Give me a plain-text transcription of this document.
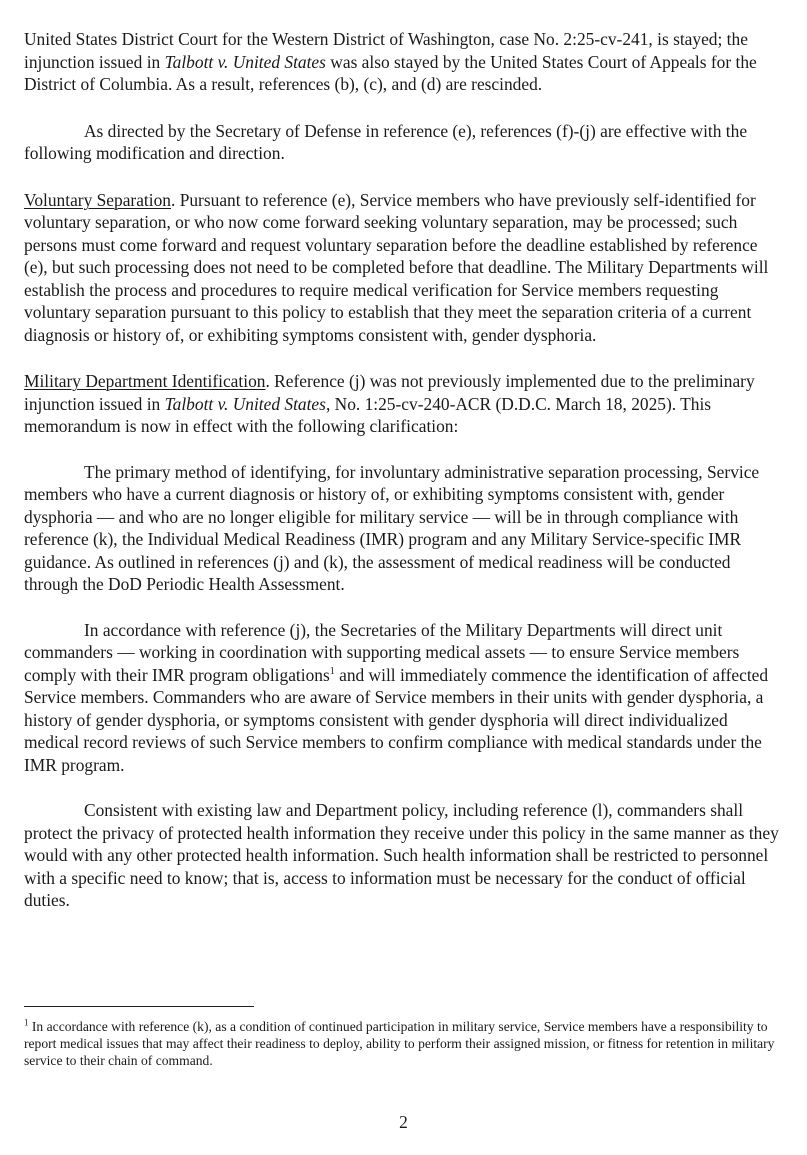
United States District Court for the Western District of Washington, case No. 2:25-cv-241, is stayed; the injunction issued in Talbott v. United States was also stayed by the United States Court of Appeals for the District of Columbia. As a result, references (b), (c), and (d) are rescinded.

As directed by the Secretary of Defense in reference (e), references (f)-(j) are effective with the following modification and direction.

Voluntary Separation. Pursuant to reference (e), Service members who have previously self-identified for voluntary separation, or who now come forward seeking voluntary separation, may be processed; such persons must come forward and request voluntary separation before the deadline established by reference (e), but such processing does not need to be completed before that deadline. The Military Departments will establish the process and procedures to require medical verification for Service members requesting voluntary separation pursuant to this policy to establish that they meet the separation criteria of a current diagnosis or history of, or exhibiting symptoms consistent with, gender dysphoria.

Military Department Identification. Reference (j) was not previously implemented due to the preliminary injunction issued in Talbott v. United States, No. 1:25-cv-240-ACR (D.D.C. March 18, 2025). This memorandum is now in effect with the following clarification:

The primary method of identifying, for involuntary administrative separation processing, Service members who have a current diagnosis or history of, or exhibiting symptoms consistent with, gender dysphoria — and who are no longer eligible for military service — will be in through compliance with reference (k), the Individual Medical Readiness (IMR) program and any Military Service-specific IMR guidance. As outlined in references (j) and (k), the assessment of medical readiness will be conducted through the DoD Periodic Health Assessment.

In accordance with reference (j), the Secretaries of the Military Departments will direct unit commanders — working in coordination with supporting medical assets — to ensure Service members comply with their IMR program obligations$^1$ and will immediately commence the identification of affected Service members. Commanders who are aware of Service members in their units with gender dysphoria, a history of gender dysphoria, or symptoms consistent with gender dysphoria will direct individualized medical record reviews of such Service members to confirm compliance with medical standards under the IMR program.

Consistent with existing law and Department policy, including reference (l), commanders shall protect the privacy of protected health information they receive under this policy in the same manner as they would with any other protected health information. Such health information shall be restricted to personnel with a specific need to know; that is, access to information must be necessary for the conduct of official duties.

$^1$ In accordance with reference (k), as a condition of continued participation in military service, Service members have a responsibility to report medical issues that may affect their readiness to deploy, ability to perform their assigned mission, or fitness for retention in military service to their chain of command.

2
